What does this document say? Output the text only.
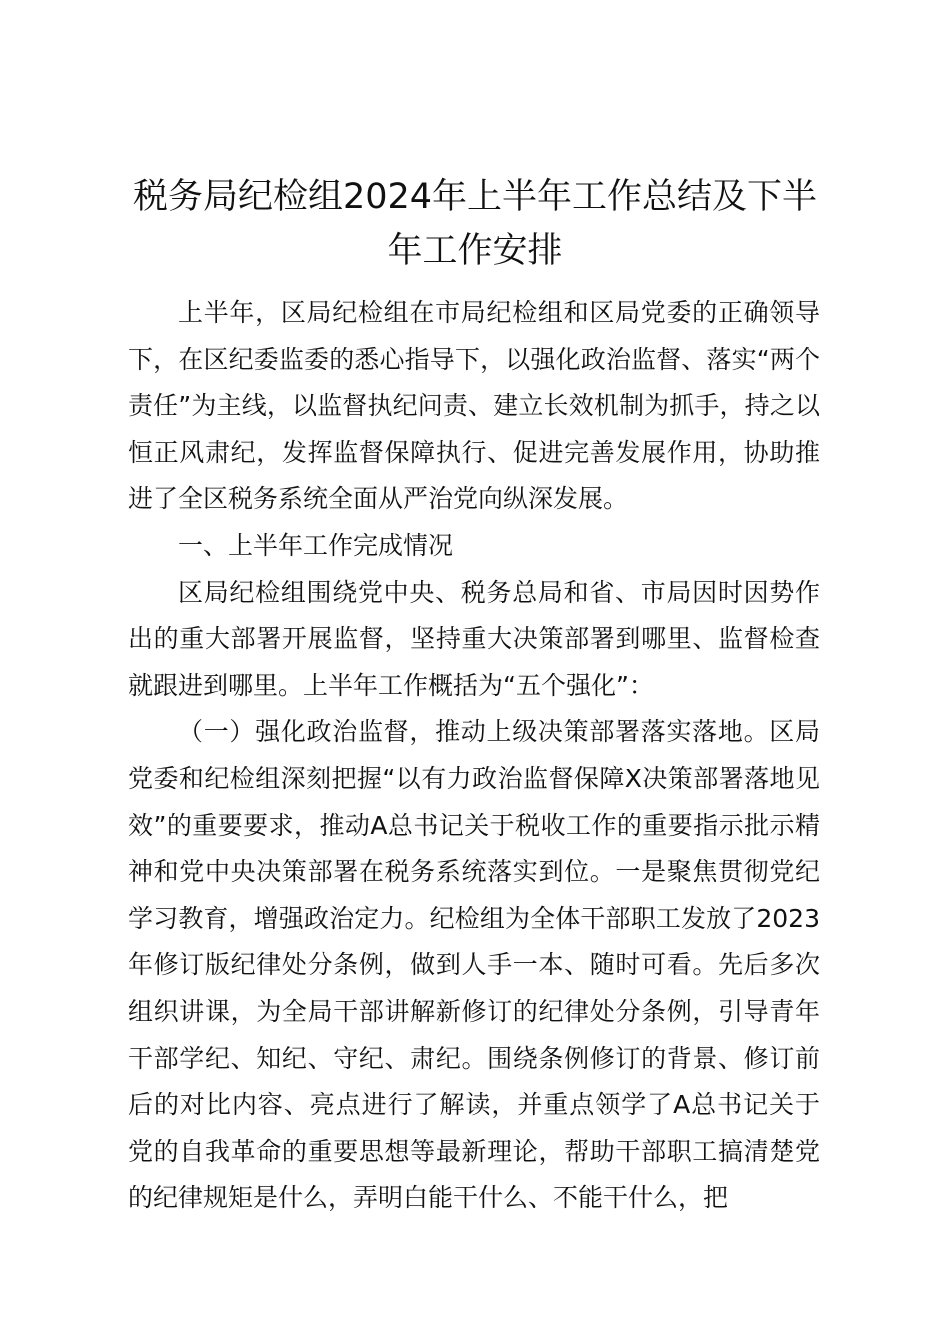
税务局纪检组2024年上半年工作总结及下半年工作安排

上半年，区局纪检组在市局纪检组和区局党委的正确领导下，在区纪委监委的悉心指导下，以强化政治监督、落实“两个责任”为主线，以监督执纪问责、建立长效机制为抓手，持之以恒正风肃纪，发挥监督保障执行、促进完善发展作用，协助推进了全区税务系统全面从严治党向纵深发展。

一、上半年工作完成情况

区局纪检组围绕党中央、税务总局和省、市局因时因势作出的重大部署开展监督，坚持重大决策部署到哪里、监督检查就跟进到哪里。上半年工作概括为“五个强化”：

（一）强化政治监督，推动上级决策部署落实落地。区局党委和纪检组深刻把握“以有力政治监督保障X决策部署落地见效”的重要要求，推动A总书记关于税收工作的重要指示批示精神和党中央决策部署在税务系统落实到位。一是聚焦贯彻党纪学习教育，增强政治定力。纪检组为全体干部职工发放了2023年修订版纪律处分条例，做到人手一本、随时可看。先后多次组织讲课，为全局干部讲解新修订的纪律处分条例，引导青年干部学纪、知纪、守纪、肃纪。围绕条例修订的背景、修订前后的对比内容、亮点进行了解读，并重点领学了A总书记关于党的自我革命的重要思想等最新理论，帮助干部职工搞清楚党的纪律规矩是什么，弄明白能干什么、不能干什么，把
